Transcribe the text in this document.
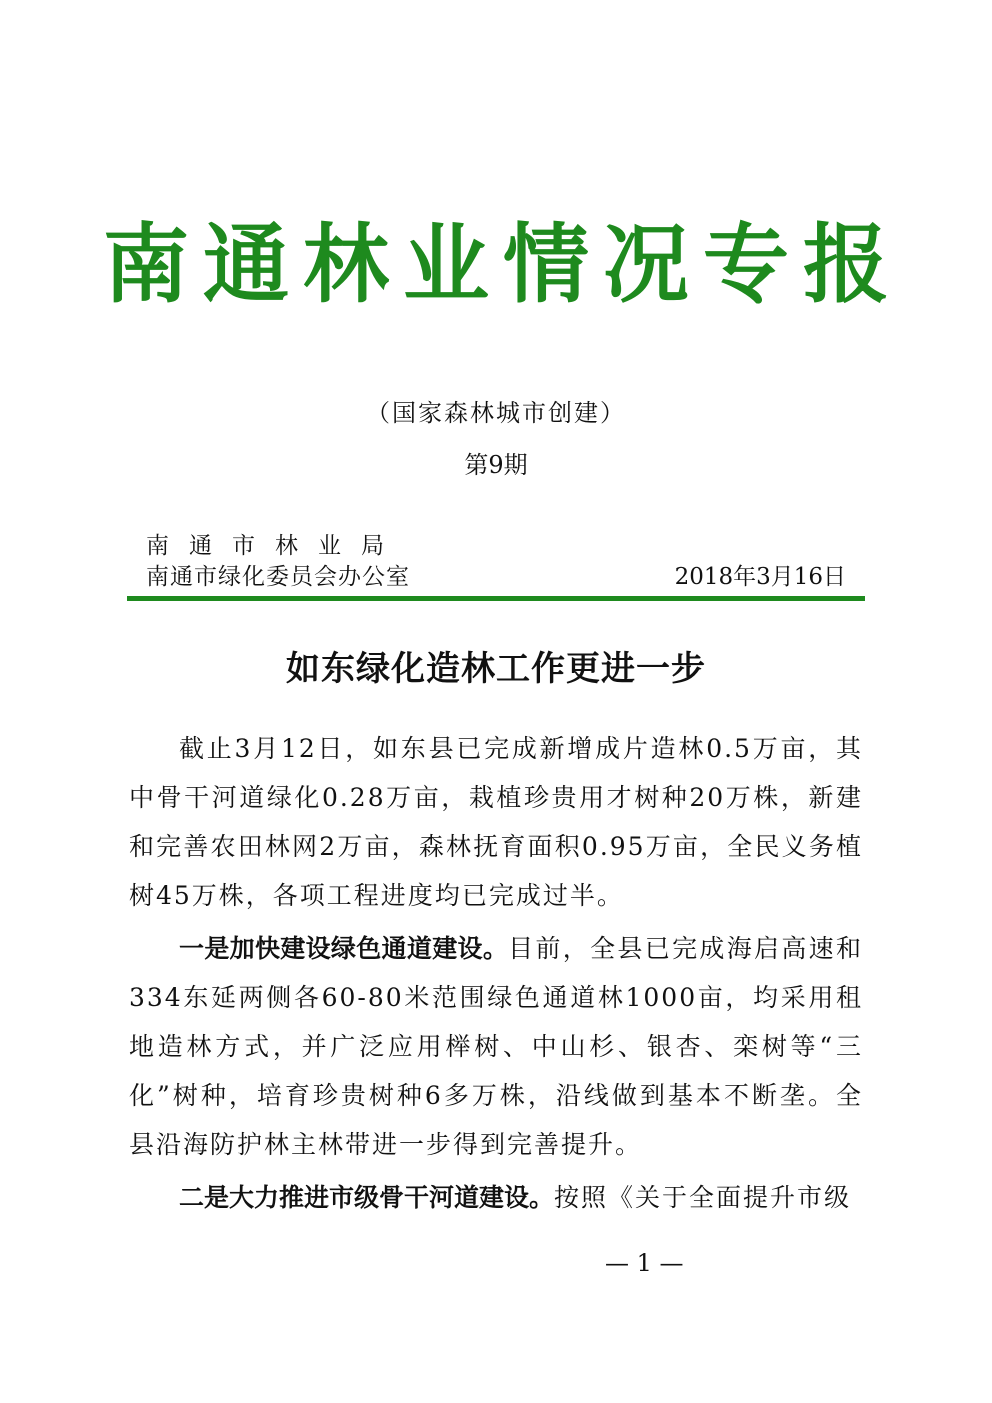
南通林业情况专报
（国家森林城市创建）
第9期
南通市林业局
南通市绿化委员会办公室	2018年3月16日
如东绿化造林工作更进一步

截止3月12日，如东县已完成新增成片造林0.5万亩，其中骨干河道绿化0.28万亩，栽植珍贵用才树种20万株，新建和完善农田林网2万亩，森林抚育面积0.95万亩，全民义务植树45万株，各项工程进度均已完成过半。

一是加快建设绿色通道建设。目前，全县已完成海启高速和334东延两侧各60-80米范围绿色通道林1000亩，均采用租地造林方式，并广泛应用榉树、中山杉、银杏、栾树等“三化”树种，培育珍贵树种6多万株，沿线做到基本不断垄。全县沿海防护林主林带进一步得到完善提升。

二是大力推进市级骨干河道建设。按照《关于全面提升市级

— 1 —
